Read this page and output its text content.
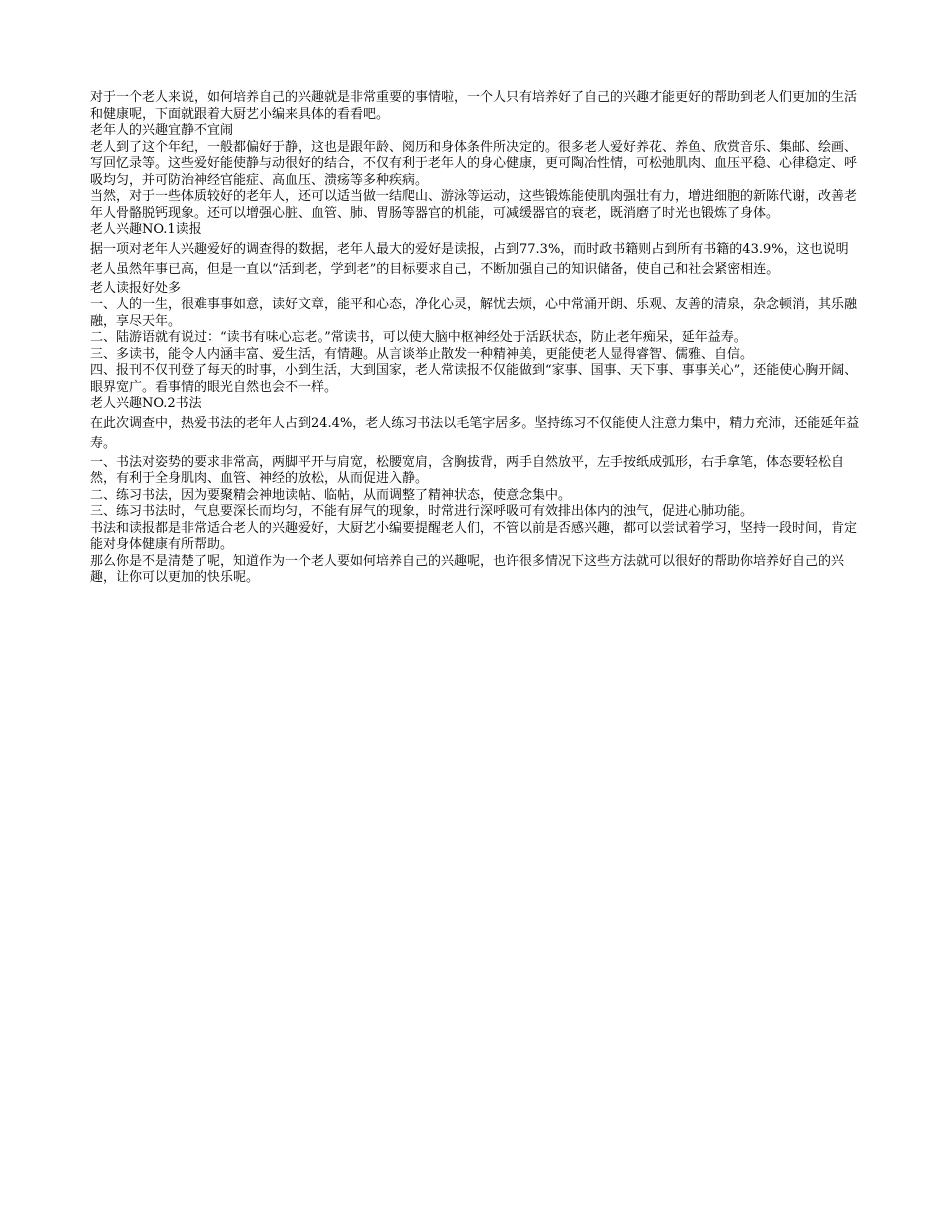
对于一个老人来说，如何培养自己的兴趣就是非常重要的事情啦，一个人只有培养好了自己的兴趣才能更好的帮助到老人们更加的生活和健康呢，下面就跟着大厨艺小编来具体的看看吧。

老年人的兴趣宜静不宜闹

老人到了这个年纪，一般都偏好于静，这也是跟年龄、阅历和身体条件所决定的。很多老人爱好养花、养鱼、欣赏音乐、集邮、绘画、写回忆录等。这些爱好能使静与动很好的结合，不仅有利于老年人的身心健康，更可陶冶性情，可松弛肌肉、血压平稳、心律稳定、呼吸均匀，并可防治神经官能症、高血压、溃疡等多种疾病。

当然，对于一些体质较好的老年人，还可以适当做一结爬山、游泳等运动，这些锻炼能使肌肉强壮有力，增进细胞的新陈代谢，改善老年人骨骼脱钙现象。还可以增强心脏、血管、肺、胃肠等器官的机能，可减缓器官的衰老，既消磨了时光也锻炼了身体。

老人兴趣NO.1读报

据一项对老年人兴趣爱好的调查得的数据，老年人最大的爱好是读报，占到77.3%，而时政书籍则占到所有书籍的43.9%，这也说明老人虽然年事已高，但是一直以“活到老，学到老”的目标要求自己，不断加强自己的知识储备，使自己和社会紧密相连。

老人读报好处多

一、人的一生，很难事事如意，读好文章，能平和心态，净化心灵，解忧去烦，心中常涌开朗、乐观、友善的清泉，杂念顿消，其乐融融，享尽天年。

二、陆游语就有说过：“读书有味心忘老。”常读书，可以使大脑中枢神经处于活跃状态，防止老年痴呆，延年益寿。

三、多读书，能令人内涵丰富、爱生活，有情趣。从言谈举止散发一种精神美，更能使老人显得睿智、儒雅、自信。

四、报刊不仅刊登了每天的时事，小到生活，大到国家，老人常读报不仅能做到“家事、国事、天下事、事事关心”，还能使心胸开阔、眼界宽广。看事情的眼光自然也会不一样。

老人兴趣NO.2书法

在此次调查中，热爱书法的老年人占到24.4%，老人练习书法以毛笔字居多。坚持练习不仅能使人注意力集中，精力充沛，还能延年益寿。

一、书法对姿势的要求非常高，两脚平开与肩宽，松腰宽肩，含胸拔背，两手自然放平，左手按纸成弧形，右手拿笔，体态要轻松自然，有利于全身肌肉、血管、神经的放松，从而促进入静。

二、练习书法，因为要聚精会神地读帖、临帖，从而调整了精神状态，使意念集中。

三、练习书法时，气息要深长而均匀，不能有屏气的现象，时常进行深呼吸可有效排出体内的浊气，促进心肺功能。

书法和读报都是非常适合老人的兴趣爱好，大厨艺小编要提醒老人们，不管以前是否感兴趣，都可以尝试着学习，坚持一段时间，肯定能对身体健康有所帮助。

那么你是不是清楚了呢，知道作为一个老人要如何培养自己的兴趣呢，也许很多情况下这些方法就可以很好的帮助你培养好自己的兴趣，让你可以更加的快乐呢。
